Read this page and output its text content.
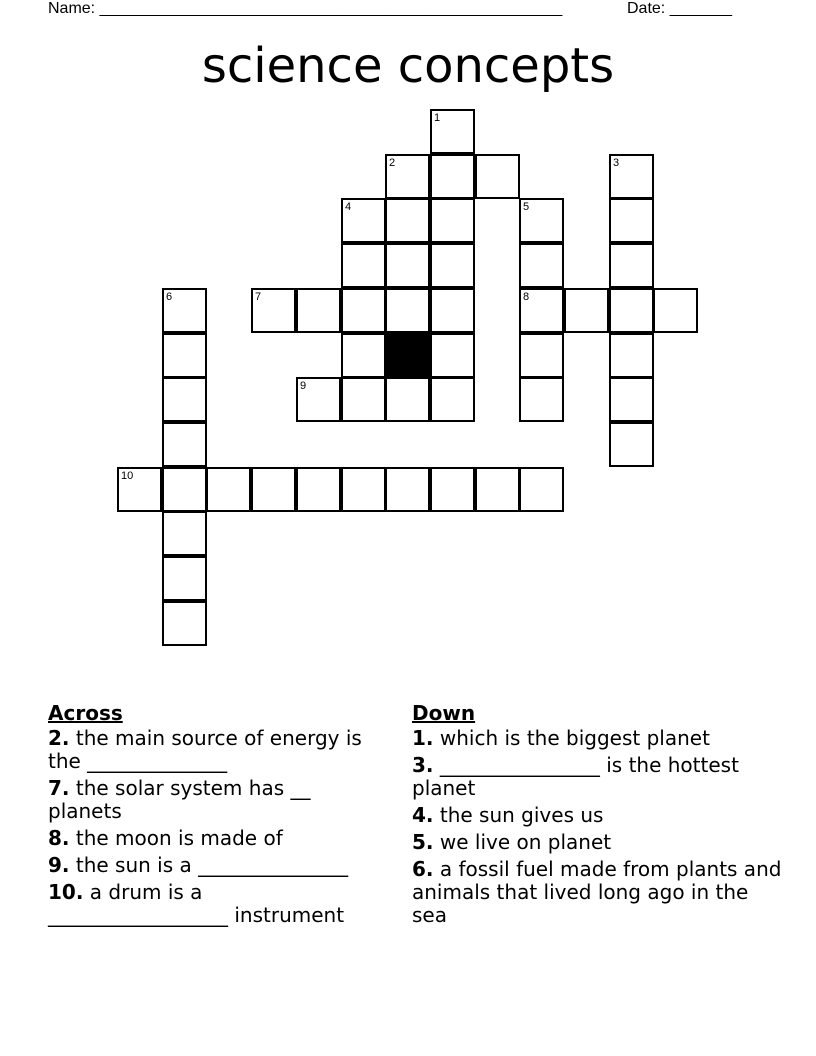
Name: ____________________________________________________	Date: _______
science concepts
1
2	3
4	5
6	7	8
9
10
Across
2. the main source of energy is the ______________
7. the solar system has __ planets
8. the moon is made of
9. the sun is a _______________
10. a drum is a __________________ instrument
Down
1. which is the biggest planet
3. ________________ is the hottest planet
4. the sun gives us
5. we live on planet
6. a fossil fuel made from plants and animals that lived long ago in the sea
